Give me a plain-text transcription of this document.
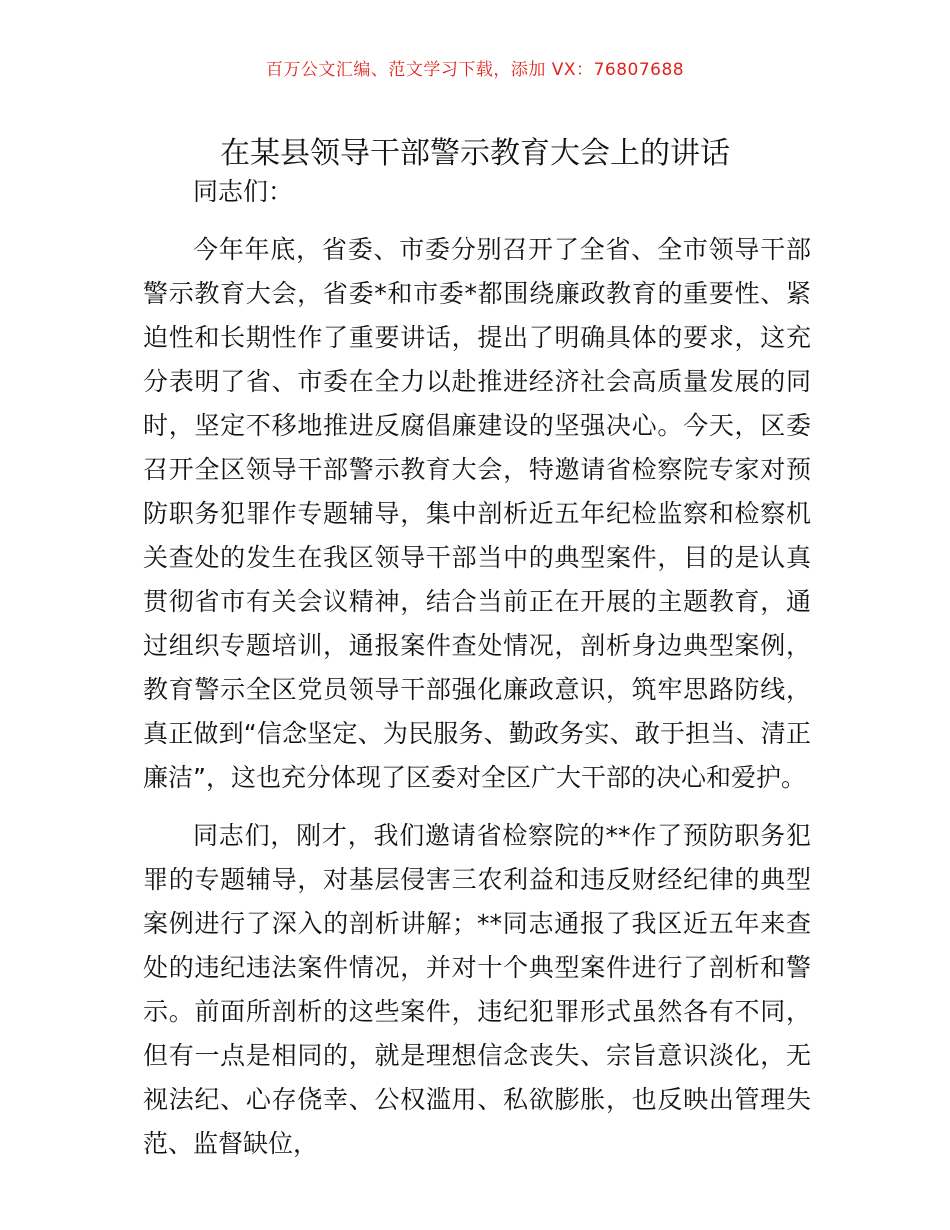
百万公文汇编、范文学习下载，添加 VX：76807688
在某县领导干部警示教育大会上的讲话

同志们：

今年年底，省委、市委分别召开了全省、全市领导干部警示教育大会，省委*和市委*都围绕廉政教育的重要性、紧迫性和长期性作了重要讲话，提出了明确具体的要求，这充分表明了省、市委在全力以赴推进经济社会高质量发展的同时，坚定不移地推进反腐倡廉建设的坚强决心。今天，区委召开全区领导干部警示教育大会，特邀请省检察院专家对预防职务犯罪作专题辅导，集中剖析近五年纪检监察和检察机关查处的发生在我区领导干部当中的典型案件，目的是认真贯彻省市有关会议精神，结合当前正在开展的主题教育，通过组织专题培训，通报案件查处情况，剖析身边典型案例，教育警示全区党员领导干部强化廉政意识，筑牢思路防线，真正做到“信念坚定、为民服务、勤政务实、敢于担当、清正廉洁”，这也充分体现了区委对全区广大干部的决心和爱护。

同志们，刚才，我们邀请省检察院的**作了预防职务犯罪的专题辅导，对基层侵害三农利益和违反财经纪律的典型案例进行了深入的剖析讲解；**同志通报了我区近五年来查处的违纪违法案件情况，并对十个典型案件进行了剖析和警示。前面所剖析的这些案件，违纪犯罪形式虽然各有不同，但有一点是相同的，就是理想信念丧失、宗旨意识淡化，无视法纪、心存侥幸、公权滥用、私欲膨胀，也反映出管理失范、监督缺位，
